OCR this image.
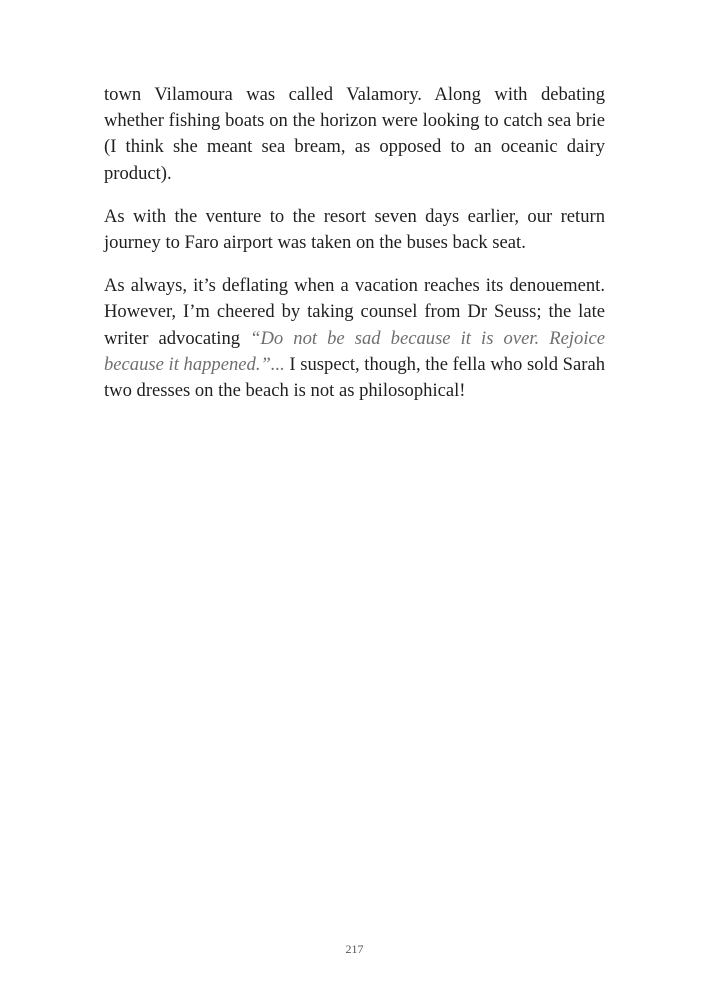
town Vilamoura was called Valamory. Along with debating whether fishing boats on the horizon were looking to catch sea brie (I think she meant sea bream, as opposed to an oceanic dairy product).

As with the venture to the resort seven days earlier, our return journey to Faro airport was taken on the buses back seat.

As always, it’s deflating when a vacation reaches its denouement. However, I’m cheered by taking counsel from Dr Seuss; the late writer advocating “Do not be sad because it is over. Rejoice because it happened.”... I suspect, though, the fella who sold Sarah two dresses on the beach is not as philosophical!

217
